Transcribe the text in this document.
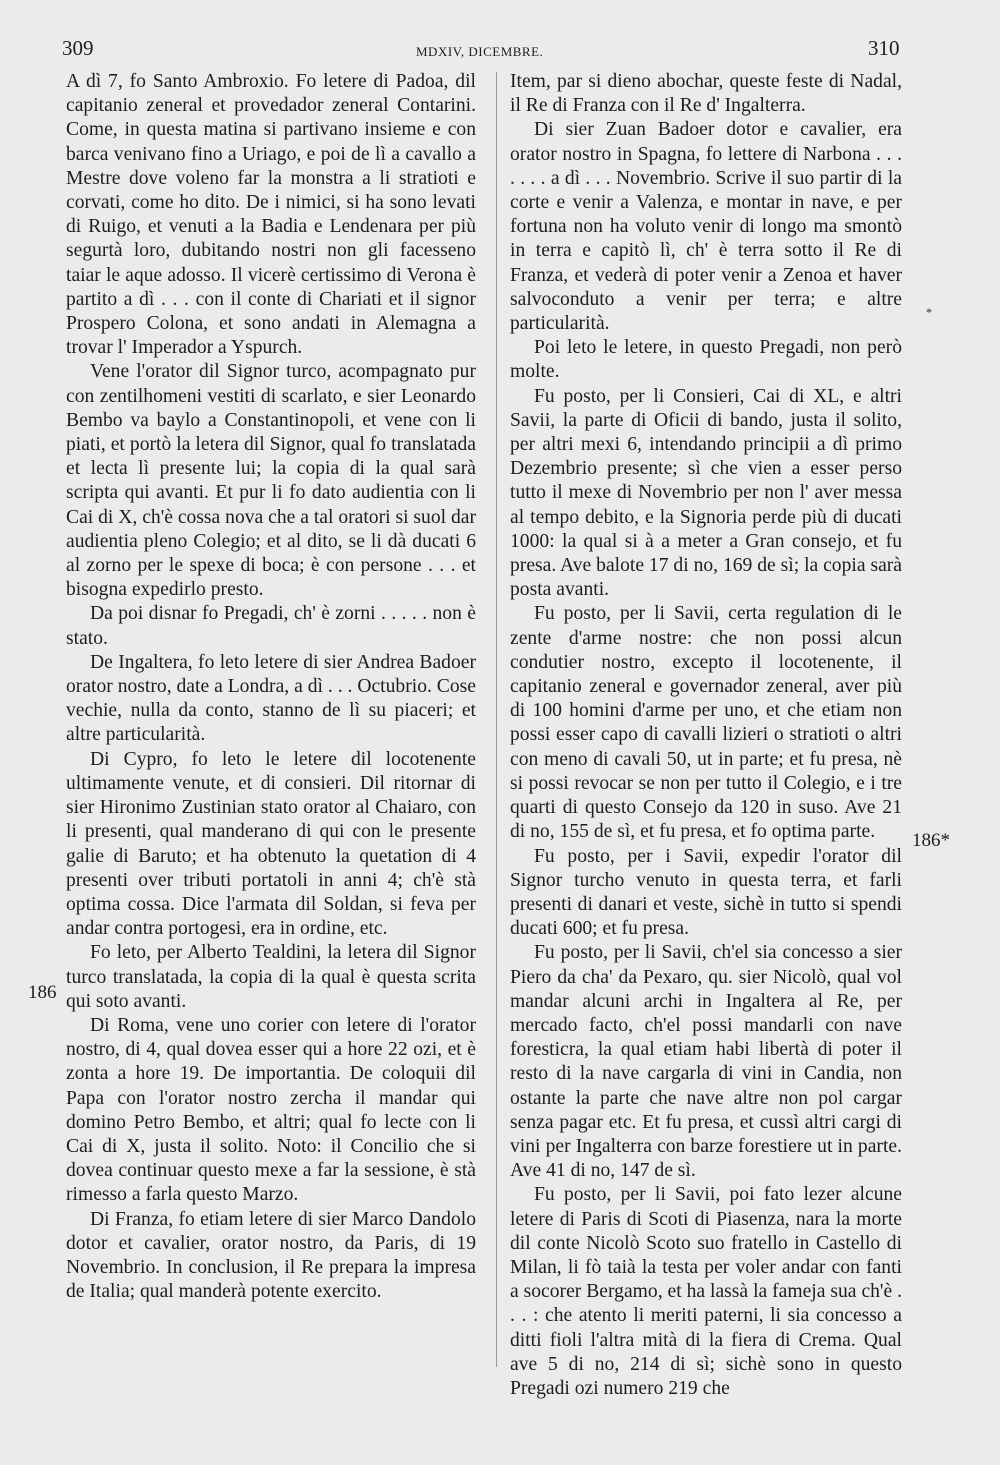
309	MDXIV, DICEMBRE.	310
186
186*
*

A dì 7, fo Santo Ambroxio. Fo letere di Padoa, dil capitanio zeneral et provedador zeneral Contarini. Come, in questa matina si partivano insieme e con barca venivano fino a Uriago, e poi de lì a cavallo a Mestre dove voleno far la monstra a li stratioti e corvati, come ho dito. De i nimici, si ha sono levati di Ruigo, et venuti a la Badia e Lendenara per più segurtà loro, dubitando nostri non gli facesseno taiar le aque adosso. Il vicerè certissimo di Verona è partito a dì . . . con il conte di Chariati et il signor Prospero Colona, et sono andati in Alemagna a trovar l' Imperador a Yspurch.

Vene l'orator dil Signor turco, acompagnato pur con zentilhomeni vestiti di scarlato, e sier Leonardo Bembo va baylo a Constantinopoli, et vene con li piati, et portò la letera dil Signor, qual fo translatada et lecta lì presente lui; la copia di la qual sarà scripta qui avanti. Et pur li fo dato audientia con li Cai di X, ch'è cossa nova che a tal oratori si suol dar audientia pleno Colegio; et al dito, se li dà ducati 6 al zorno per le spexe di boca; è con persone . . . et bisogna expedirlo presto.

Da poi disnar fo Pregadi, ch' è zorni . . . . . non è stato.

De Ingaltera, fo leto letere di sier Andrea Badoer orator nostro, date a Londra, a dì . . . Octubrio. Cose vechie, nulla da conto, stanno de lì su piaceri; et altre particularità.

Di Cypro, fo leto le letere dil locotenente ultimamente venute, et di consieri. Dil ritornar di sier Hironimo Zustinian stato orator al Chaiaro, con li presenti, qual manderano di qui con le presente galie di Baruto; et ha obtenuto la quetation di 4 presenti over tributi portatoli in anni 4; ch'è stà optima cossa. Dice l'armata dil Soldan, si feva per andar contra portogesi, era in ordine, etc.

Fo leto, per Alberto Tealdini, la letera dil Signor turco translatada, la copia di la qual è questa scrita qui soto avanti.

Di Roma, vene uno corier con letere di l'orator nostro, di 4, qual dovea esser qui a hore 22 ozi, et è zonta a hore 19. De importantia. De coloquii dil Papa con l'orator nostro zercha il mandar qui domino Petro Bembo, et altri; qual fo lecte con li Cai di X, justa il solito. Noto: il Concilio che si dovea continuar questo mexe a far la sessione, è stà rimesso a farla questo Marzo.

Di Franza, fo etiam letere di sier Marco Dandolo dotor et cavalier, orator nostro, da Paris, di 19 Novembrio. In conclusion, il Re prepara la impresa de Italia; qual manderà potente exercito.

Item, par si dieno abochar, queste feste di Nadal, il Re di Franza con il Re d' Ingalterra.

Di sier Zuan Badoer dotor e cavalier, era orator nostro in Spagna, fo lettere di Narbona . . . . . . . a dì . . . Novembrio. Scrive il suo partir di la corte e venir a Valenza, e montar in nave, e per fortuna non ha voluto venir di longo ma smontò in terra e capitò lì, ch' è terra sotto il Re di Franza, et vederà di poter venir a Zenoa et haver salvoconduto a venir per terra; e altre particularità.

Poi leto le letere, in questo Pregadi, non però molte.

Fu posto, per li Consieri, Cai di XL, e altri Savii, la parte di Oficii di bando, justa il solito, per altri mexi 6, intendando principii a dì primo Dezembrio presente; sì che vien a esser perso tutto il mexe di Novembrio per non l' aver messa al tempo debito, e la Signoria perde più di ducati 1000: la qual si à a meter a Gran consejo, et fu presa. Ave balote 17 di no, 169 de sì; la copia sarà posta avanti.

Fu posto, per li Savii, certa regulation di le zente d'arme nostre: che non possi alcun condutier nostro, excepto il locotenente, il capitanio zeneral e governador zeneral, aver più di 100 homini d'arme per uno, et che etiam non possi esser capo di cavalli lizieri o stratioti o altri con meno di cavali 50, ut in parte; et fu presa, nè si possi revocar se non per tutto il Colegio, e i tre quarti di questo Consejo da 120 in suso. Ave 21 di no, 155 de sì, et fu presa, et fo optima parte.

Fu posto, per i Savii, expedir l'orator dil Signor turcho venuto in questa terra, et farli presenti di danari et veste, sichè in tutto si spendi ducati 600; et fu presa.

Fu posto, per li Savii, ch'el sia concesso a sier Piero da cha' da Pexaro, qu. sier Nicolò, qual vol mandar alcuni archi in Ingaltera al Re, per mercado facto, ch'el possi mandarli con nave foresticra, la qual etiam habi libertà di poter il resto di la nave cargarla di vini in Candia, non ostante la parte che nave altre non pol cargar senza pagar etc. Et fu presa, et cussì altri cargi di vini per Ingalterra con barze forestiere ut in parte. Ave 41 di no, 147 de sì.

Fu posto, per li Savii, poi fato lezer alcune letere di Paris di Scoti di Piasenza, nara la morte dil conte Nicolò Scoto suo fratello in Castello di Milan, li fò taià la testa per voler andar con fanti a socorer Bergamo, et ha lassà la fameja sua ch'è . . . : che atento li meriti paterni, li sia concesso a ditti fioli l'altra mità di la fiera di Crema. Qual ave 5 di no, 214 di sì; sichè sono in questo Pregadi ozi numero 219 che
